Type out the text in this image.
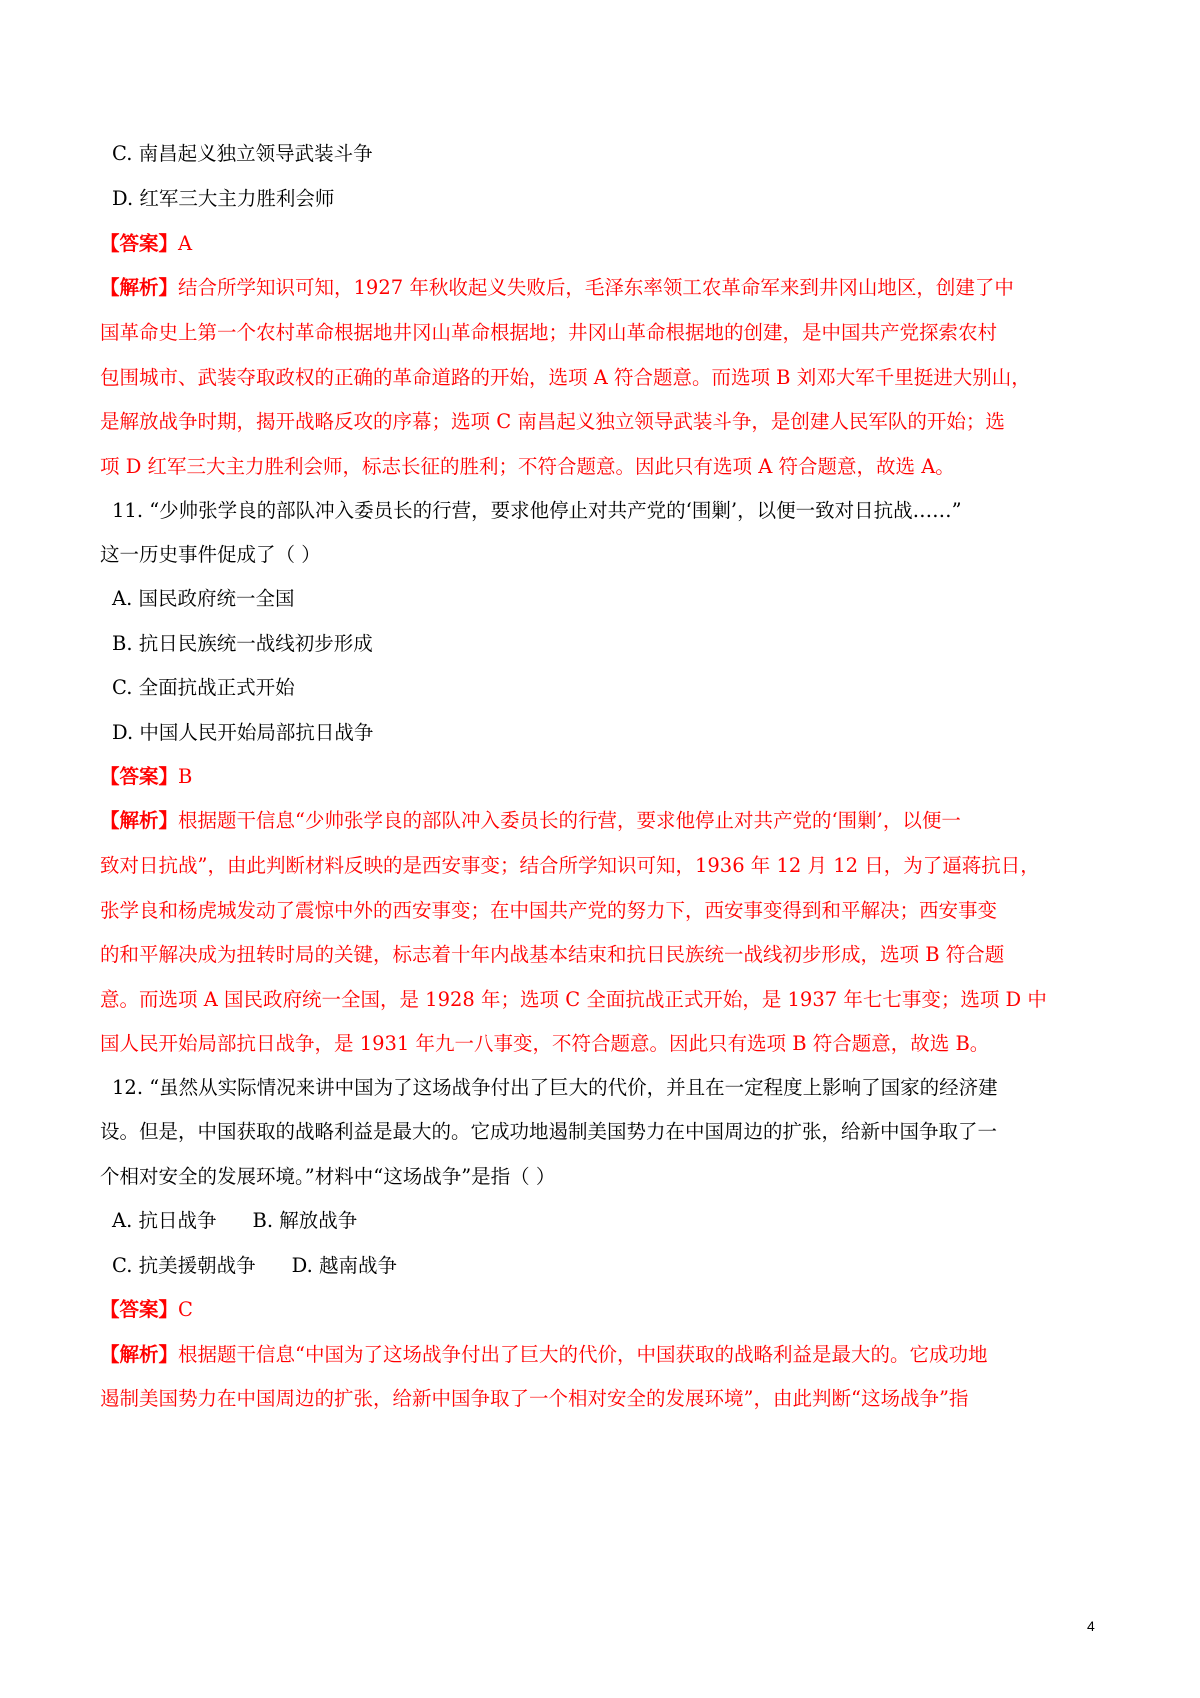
C. 南昌起义独立领导武装斗争
D. 红军三大主力胜利会师
【答案】A
【解析】结合所学知识可知，1927 年秋收起义失败后，毛泽东率领工农革命军来到井冈山地区，创建了中
国革命史上第一个农村革命根据地井冈山革命根据地；井冈山革命根据地的创建，是中国共产党探索农村
包围城市、武装夺取政权的正确的革命道路的开始，选项 A 符合题意。而选项 B 刘邓大军千里挺进大别山，
是解放战争时期，揭开战略反攻的序幕；选项 C 南昌起义独立领导武装斗争，是创建人民军队的开始；选
项 D 红军三大主力胜利会师，标志长征的胜利；不符合题意。因此只有选项 A 符合题意，故选 A。
11. “少帅张学良的部队冲入委员长的行营，要求他停止对共产党的‘围剿’，以便一致对日抗战……”
这一历史事件促成了（ ）
A. 国民政府统一全国
B. 抗日民族统一战线初步形成
C. 全面抗战正式开始
D. 中国人民开始局部抗日战争
【答案】B
【解析】根据题干信息“少帅张学良的部队冲入委员长的行营，要求他停止对共产党的‘围剿’，以便一
致对日抗战”，由此判断材料反映的是西安事变；结合所学知识可知，1936 年 12 月 12 日，为了逼蒋抗日，
张学良和杨虎城发动了震惊中外的西安事变；在中国共产党的努力下，西安事变得到和平解决；西安事变
的和平解决成为扭转时局的关键，标志着十年内战基本结束和抗日民族统一战线初步形成，选项 B 符合题
意。而选项 A 国民政府统一全国，是 1928 年；选项 C 全面抗战正式开始，是 1937 年七七事变；选项 D 中
国人民开始局部抗日战争，是 1931 年九一八事变，不符合题意。因此只有选项 B 符合题意，故选 B。
12. “虽然从实际情况来讲中国为了这场战争付出了巨大的代价，并且在一定程度上影响了国家的经济建
设。但是，中国获取的战略利益是最大的。它成功地遏制美国势力在中国周边的扩张，给新中国争取了一
个相对安全的发展环境。”材料中“这场战争”是指（ ）
A. 抗日战争 B. 解放战争
C. 抗美援朝战争 D. 越南战争
【答案】C
【解析】根据题干信息“中国为了这场战争付出了巨大的代价，中国获取的战略利益是最大的。它成功地
遏制美国势力在中国周边的扩张，给新中国争取了一个相对安全的发展环境”，由此判断“这场战争”指
4
